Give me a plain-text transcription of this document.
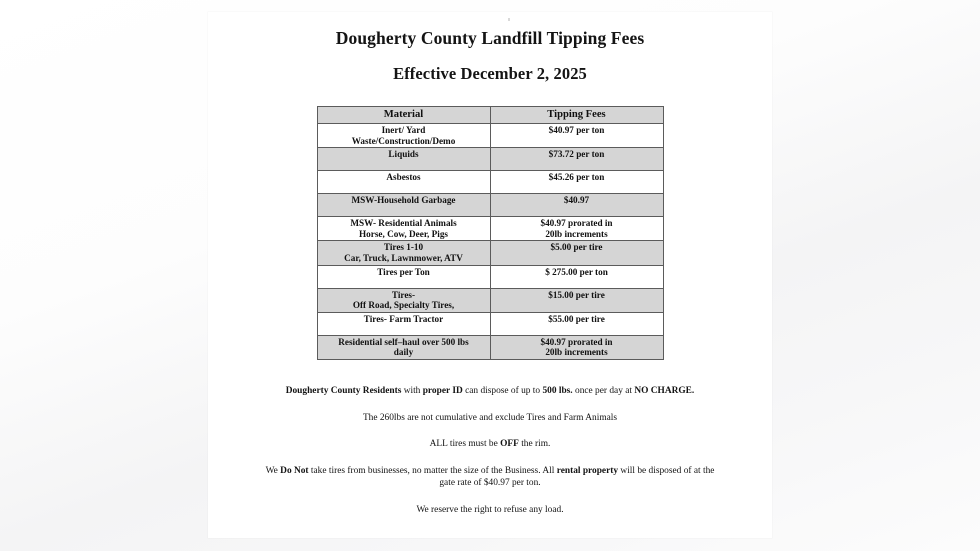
Dougherty County Landfill Tipping Fees
Effective December 2, 2025
Material	Tipping Fees

Inert/ Yard
Waste/Construction/Demo	$40.97 per ton

Liquids	$73.72 per ton

Asbestos	$45.26 per ton

MSW-Household Garbage	$40.97

MSW- Residential Animals
Horse, Cow, Deer, Pigs	$40.97 prorated in
20lb increments

Tires 1-10
Car, Truck, Lawnmower, ATV	$5.00 per tire

Tires per Ton	$ 275.00 per ton

Tires-
Off Road, Specialty Tires,	$15.00 per tire

Tires- Farm Tractor	$55.00 per tire

Residential self–haul over 500 lbs
daily	$40.97 prorated in
20lb increments
Dougherty County Residents with proper ID can dispose of up to 500 lbs. once per day at NO CHARGE.
The 260lbs are not cumulative and exclude Tires and Farm Animals
ALL tires must be OFF the rim.
We Do Not take tires from businesses, no matter the size of the Business. All rental property will be disposed of at the gate rate of $40.97 per ton.
We reserve the right to refuse any load.
